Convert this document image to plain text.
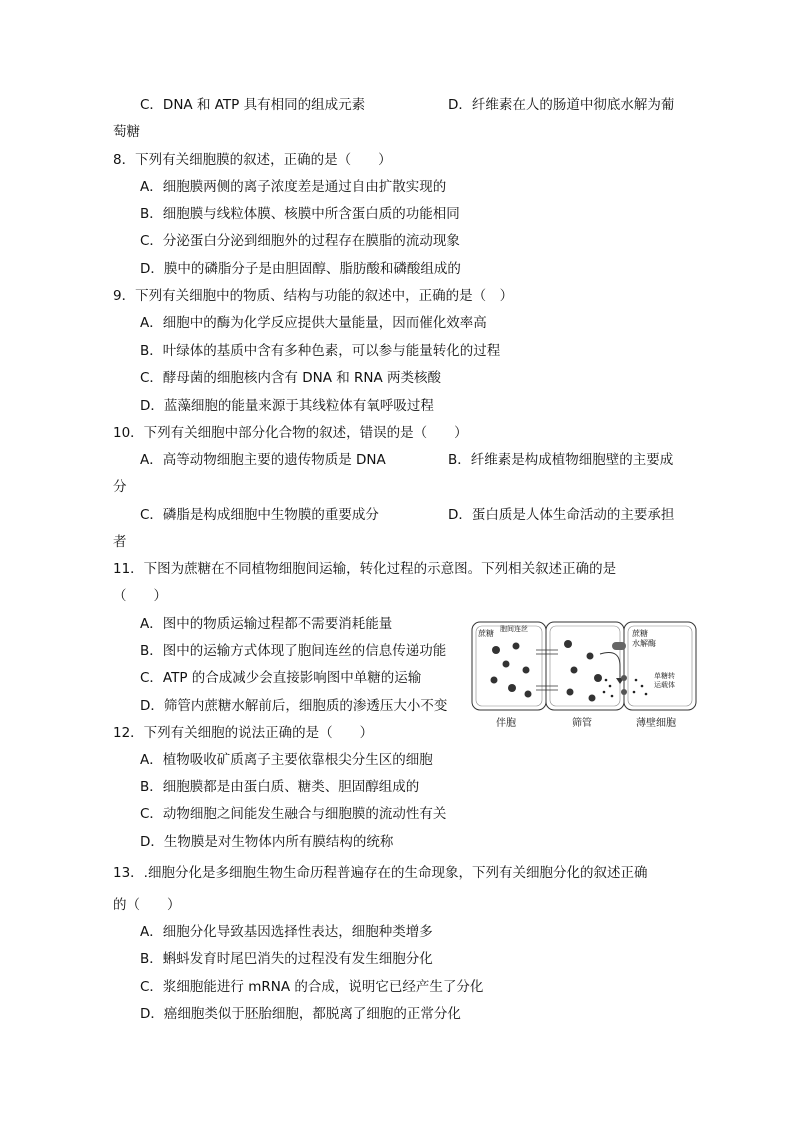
C．DNA 和 ATP 具有相同的组成元素	D．纤维素在人的肠道中彻底水解为葡
萄糖
8．下列有关细胞膜的叙述，正确的是（　　）
A．细胞膜两侧的离子浓度差是通过自由扩散实现的
B．细胞膜与线粒体膜、核膜中所含蛋白质的功能相同
C．分泌蛋白分泌到细胞外的过程存在膜脂的流动现象
D．膜中的磷脂分子是由胆固醇、脂肪酸和磷酸组成的
9．下列有关细胞中的物质、结构与功能的叙述中，正确的是（　）
A．细胞中的酶为化学反应提供大量能量，因而催化效率高
B．叶绿体的基质中含有多种色素，可以参与能量转化的过程
C．酵母菌的细胞核内含有 DNA 和 RNA 两类核酸
D．蓝藻细胞的能量来源于其线粒体有氧呼吸过程
10．下列有关细胞中部分化合物的叙述，错误的是（　　）
A．高等动物细胞主要的遗传物质是 DNA	B．纤维素是构成植物细胞壁的主要成
分
C．磷脂是构成细胞中生物膜的重要成分	D．蛋白质是人体生命活动的主要承担
者
11．下图为蔗糖在不同植物细胞间运输，转化过程的示意图。下列相关叙述正确的是
（　　）
A．图中的物质运输过程都不需要消耗能量
B．图中的运输方式体现了胞间连丝的信息传递功能
C．ATP 的合成减少会直接影响图中单糖的运输
D．筛管内蔗糖水解前后，细胞质的渗透压大小不变
蔗糖 胞间连丝	蔗糖
水解酶
单糖转
运载体
伴胞	筛管	薄壁细胞
12．下列有关细胞的说法正确的是（　　）
A．植物吸收矿质离子主要依靠根尖分生区的细胞
B．细胞膜都是由蛋白质、糖类、胆固醇组成的
C．动物细胞之间能发生融合与细胞膜的流动性有关
D．生物膜是对生物体内所有膜结构的统称
13．.细胞分化是多细胞生物生命历程普遍存在的生命现象，下列有关细胞分化的叙述正确
的（　　）
A．细胞分化导致基因选择性表达，细胞种类增多
B．蝌蚪发育时尾巴消失的过程没有发生细胞分化
C．浆细胞能进行 mRNA 的合成，说明它已经产生了分化
D．癌细胞类似于胚胎细胞，都脱离了细胞的正常分化
